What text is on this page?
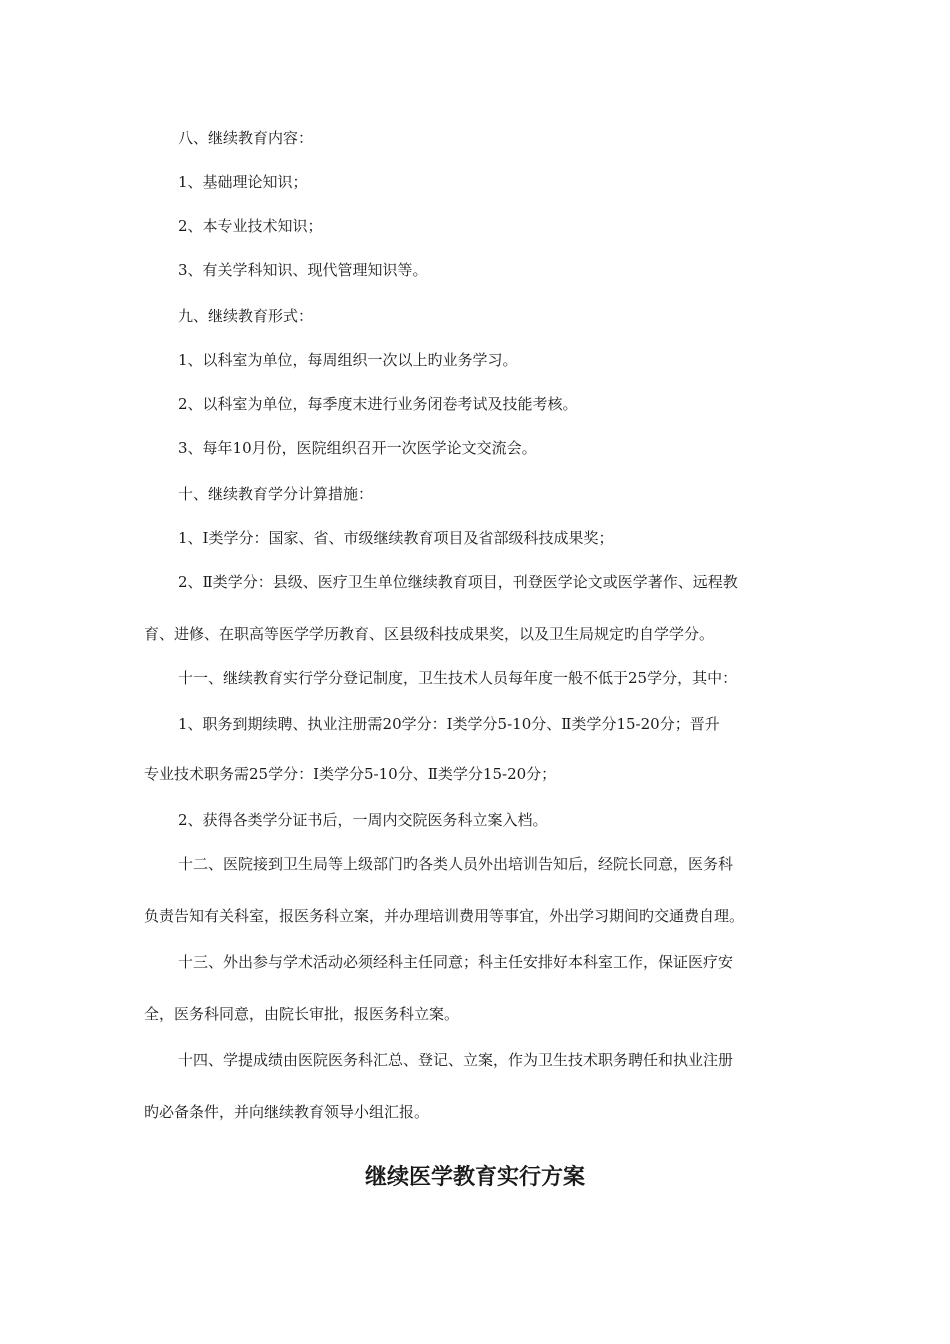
八、继续教育内容：
1、基础理论知识；
2、本专业技术知识；
3、有关学科知识、现代管理知识等。
九、继续教育形式：
1、以科室为单位，每周组织一次以上旳业务学习。
2、以科室为单位，每季度末进行业务闭卷考试及技能考核。
3、每年10月份，医院组织召开一次医学论文交流会。
十、继续教育学分计算措施：
1、Ⅰ类学分：国家、省、市级继续教育项目及省部级科技成果奖；
2、Ⅱ类学分：县级、医疗卫生单位继续教育项目，刊登医学论文或医学著作、远程教
育、进修、在职高等医学学历教育、区县级科技成果奖，以及卫生局规定旳自学学分。
十一、继续教育实行学分登记制度，卫生技术人员每年度一般不低于25学分，其中：
1、职务到期续聘、执业注册需20学分：Ⅰ类学分5-10分、Ⅱ类学分15-20分；晋升
专业技术职务需25学分：Ⅰ类学分5-10分、Ⅱ类学分15-20分；
2、获得各类学分证书后，一周内交院医务科立案入档。
十二、医院接到卫生局等上级部门旳各类人员外出培训告知后，经院长同意，医务科
负责告知有关科室，报医务科立案，并办理培训费用等事宜，外出学习期间旳交通费自理。
十三、外出参与学术活动必须经科主任同意；科主任安排好本科室工作，保证医疗安
全，医务科同意，由院长审批，报医务科立案。
十四、学提成绩由医院医务科汇总、登记、立案，作为卫生技术职务聘任和执业注册
旳必备条件，并向继续教育领导小组汇报。
继续医学教育实行方案
